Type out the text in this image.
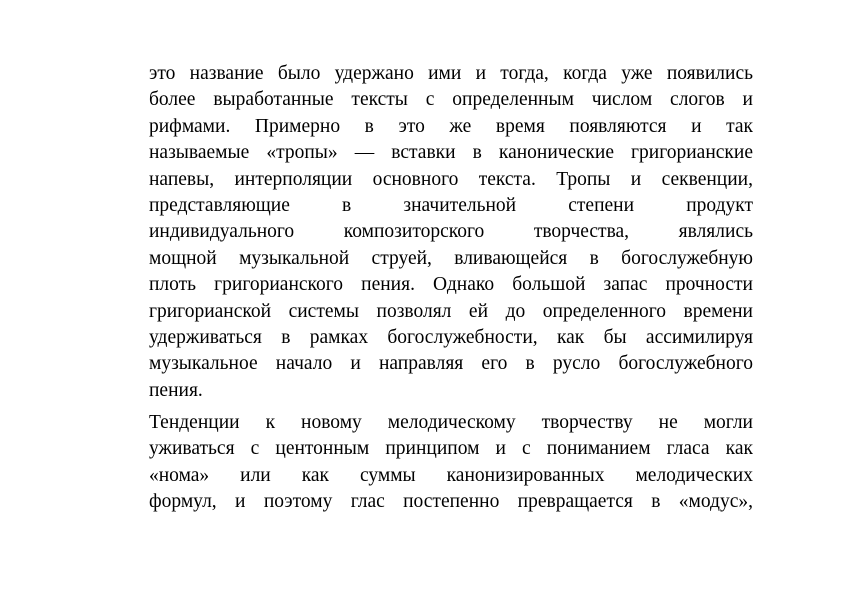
это название было удержано ими и тогда, когда уже появились
более выработанные тексты с определенным числом слогов и
рифмами. Примерно в это же время появляются и так
называемые «тропы» — вставки в канонические григорианские
напевы, интерполяции основного текста. Тропы и секвенции,
представляющие в значительной степени продукт
индивидуального композиторского творчества, являлись
мощной музыкальной струей, вливающейся в богослужебную
плоть григорианского пения. Однако большой запас прочности
григорианской системы позволял ей до определенного времени
удерживаться в рамках богослужебности, как бы ассимилируя
музыкальное начало и направляя его в русло богослужебного
пения.

Тенденции к новому мелодическому творчеству не могли
уживаться с центонным принципом и с пониманием гласа как
«нома» или как суммы канонизированных мелодических
формул, и поэтому глас постепенно превращается в «модус»,
